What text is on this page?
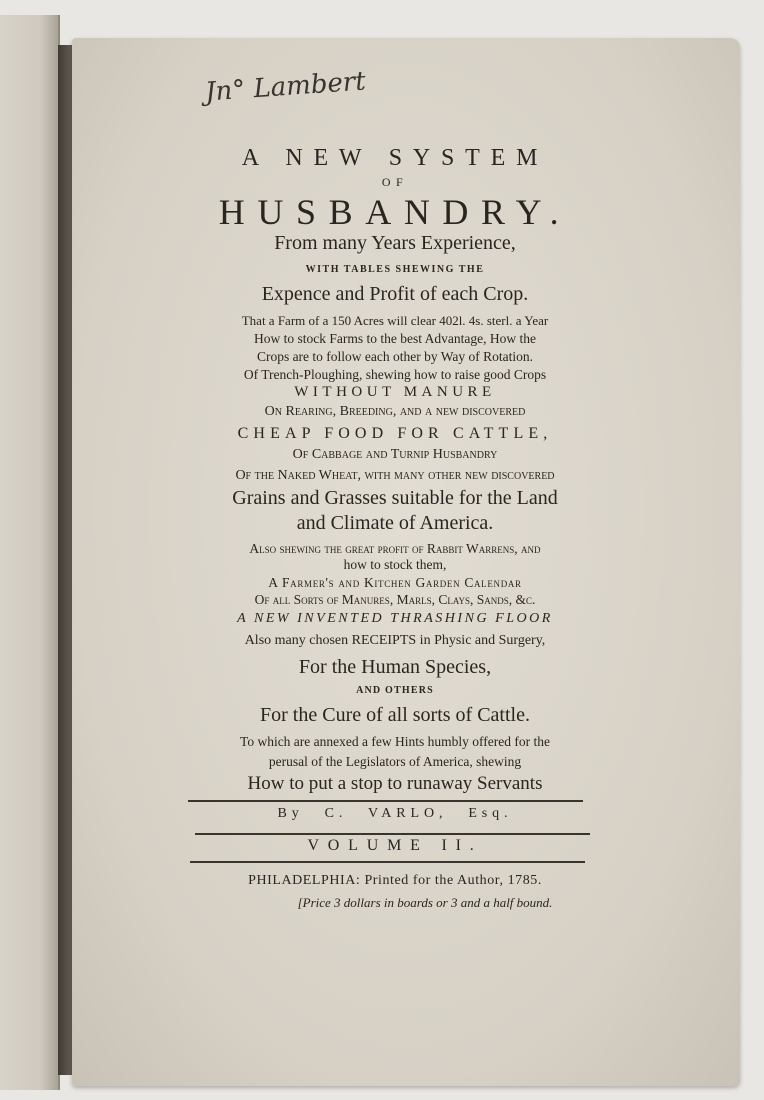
Jn° Lambert
A NEW SYSTEM
OF
HUSBANDRY.
From many Years Experience,
WITH TABLES SHEWING THE
Expence and Profit of each Crop.
That a Farm of a 150 Acres will clear 402l. 4s. sterl. a Year
How to stock Farms to the best Advantage, How the
Crops are to follow each other by Way of Rotation.
Of Trench-Ploughing, shewing how to raise good Crops
WITHOUT MANURE
On Rearing, Breeding, and a new discovered
CHEAP FOOD FOR CATTLE,
Of Cabbage and Turnip Husbandry
Of the Naked Wheat, with many other new discovered
Grains and Grasses suitable for the Land
and Climate of America.
Also shewing the great profit of Rabbit Warrens, and
how to stock them,
A Farmer's and Kitchen Garden Calendar
Of all Sorts of Manures, Marls, Clays, Sands, &c.
A NEW INVENTED THRASHING FLOOR
Also many chosen RECEIPTS in Physic and Surgery,
For the Human Species,
AND OTHERS
For the Cure of all sorts of Cattle.
To which are annexed a few Hints humbly offered for the
perusal of the Legislators of America, shewing
How to put a stop to runaway Servants
By C. VARLO, Esq.
VOLUME II.
PHILADELPHIA: Printed for the Author, 1785.
[Price 3 dollars in boards or 3 and a half bound.
